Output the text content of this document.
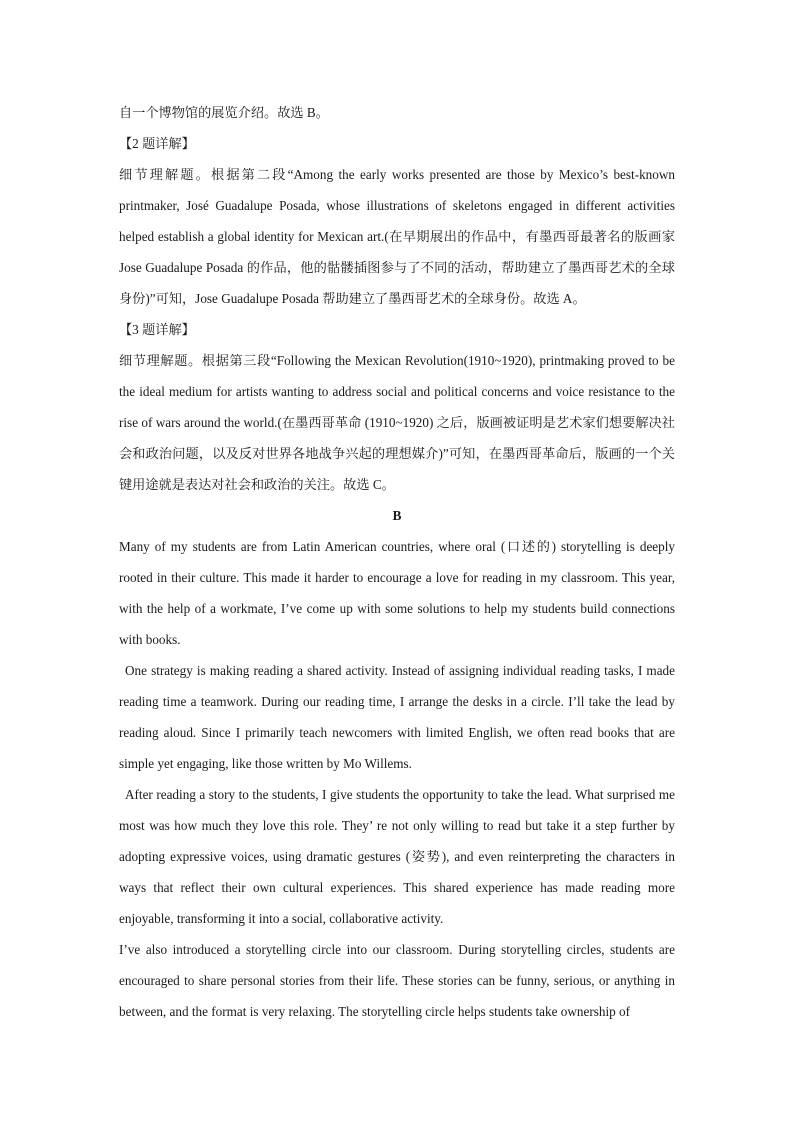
自一个博物馆的展览介绍。故选 B。

【2 题详解】

细节理解题。根据第二段“Among the early works presented are those by Mexico’s best-known printmaker, José Guadalupe Posada, whose illustrations of skeletons engaged in different activities helped establish a global identity for Mexican art.(在早期展出的作品中，有墨西哥最著名的版画家 Jose Guadalupe Posada 的作品，他的骷髅插图参与了不同的活动，帮助建立了墨西哥艺术的全球身份)”可知，Jose Guadalupe Posada 帮助建立了墨西哥艺术的全球身份。故选 A。

【3 题详解】

细节理解题。根据第三段“Following the Mexican Revolution(1910~1920), printmaking proved to be the ideal medium for artists wanting to address social and political concerns and voice resistance to the rise of wars around the world.(在墨西哥革命 (1910~1920) 之后，版画被证明是艺术家们想要解决社会和政治问题，以及反对世界各地战争兴起的理想媒介)”可知，在墨西哥革命后，版画的一个关键用途就是表达对社会和政治的关注。故选 C。

B

Many of my students are from Latin American countries, where oral (口述的) storytelling is deeply rooted in their culture. This made it harder to encourage a love for reading in my classroom. This year, with the help of a workmate, I’ve come up with some solutions to help my students build connections with books.

One strategy is making reading a shared activity. Instead of assigning individual reading tasks, I made reading time a teamwork. During our reading time, I arrange the desks in a circle. I’ll take the lead by reading aloud. Since I primarily teach newcomers with limited English, we often read books that are simple yet engaging, like those written by Mo Willems.

After reading a story to the students, I give students the opportunity to take the lead. What surprised me most was how much they love this role. They’ re not only willing to read but take it a step further by adopting expressive voices, using dramatic gestures (姿势), and even reinterpreting the characters in ways that reflect their own cultural experiences. This shared experience has made reading more enjoyable, transforming it into a social, collaborative activity.

I’ve also introduced a storytelling circle into our classroom. During storytelling circles, students are encouraged to share personal stories from their life. These stories can be funny, serious, or anything in between, and the format is very relaxing. The storytelling circle helps students take ownership of
